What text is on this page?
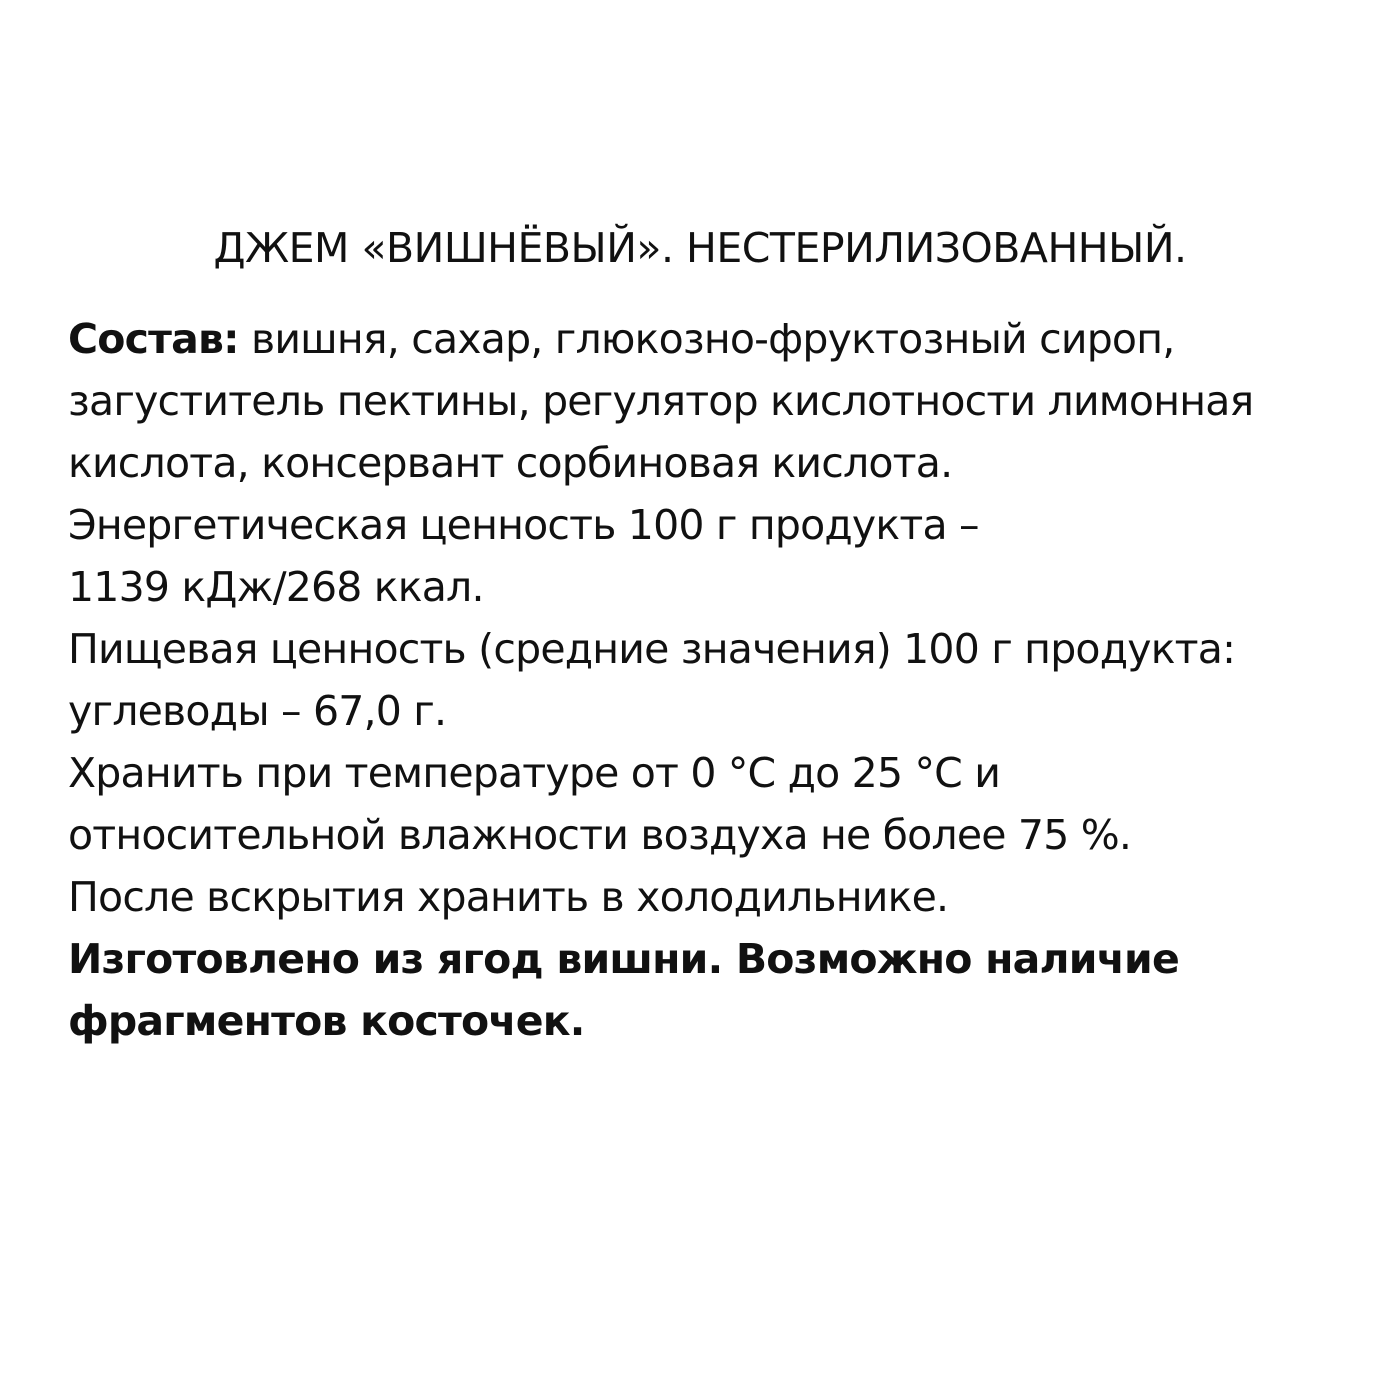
ДЖЕМ «ВИШНЁВЫЙ». НЕСТЕРИЛИЗОВАННЫЙ.
Состав: вишня, сахар, глюкозно-фруктозный сироп,
загуститель пектины, регулятор кислотности лимонная
кислота, консервант сорбиновая кислота.
Энергетическая ценность 100 г продукта –
1139 кДж/268 ккал.
Пищевая ценность (средние значения) 100 г продукта:
углеводы – 67,0 г.
Хранить при температуре от 0 °С до 25 °С и
относительной влажности воздуха не более 75 %.
После вскрытия хранить в холодильнике.
Изготовлено из ягод вишни. Возможно наличие
фрагментов косточек.
